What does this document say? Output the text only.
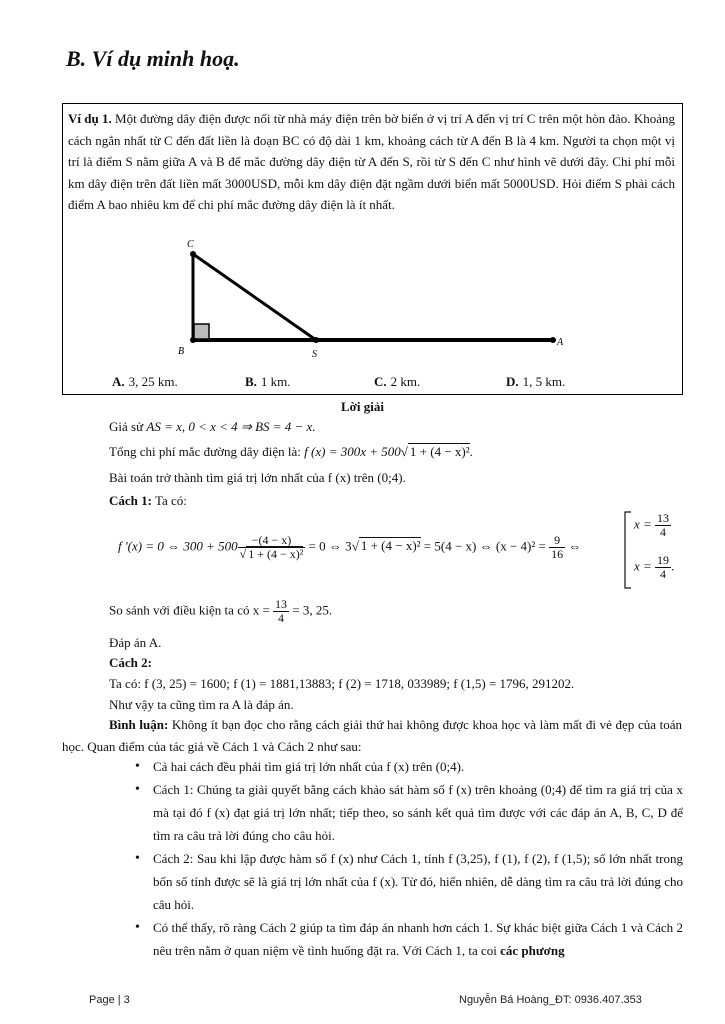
B. Ví dụ minh hoạ.
Ví dụ 1. Một đường dây điện được nối từ nhà máy điện trên bờ biển ở vị trí A đến vị trí C trên một hòn đảo. Khoảng cách ngắn nhất từ C đến đất liền là đoạn BC có độ dài 1 km, khoảng cách từ A đến B là 4 km. Người ta chọn một vị trí là điểm S nằm giữa A và B để mắc đường dây điện từ A đến S, rồi từ S đến C như hình vẽ dưới đây. Chi phí mỗi km dây điện trên đất liền mất 3000USD, mỗi km dây điện đặt ngầm dưới biển mất 5000USD. Hỏi điểm S phải cách điểm A bao nhiêu km để chi phí mắc đường dây điện là ít nhất.
C
B	S
A
A. 3, 25 km.	B. 1 km.	C. 2 km.	D. 1, 5 km.
Lời giải
Giả sử AS = x, 0 < x < 4 ⇒ BS = 4 − x.
Tổng chi phí mắc đường dây điện là: f (x) = 300x + 500√ 1 + (4 − x)².
Bài toán trở thành tìm giá trị lớn nhất của f (x) trên (0;4).
Cách 1: Ta có:
f '(x) = 0 ⇔ $300 + 500 \frac{-(4 - x)}{\text{√ 1 + (4 − x)²}} = 0$ ⇔ 3√ 1 + (4 − x)² = 5(4 − x) ⇔ $(x - 4)^2 = \frac{9}{16}$ ⇔
$x = \frac{13}{4}$
$x = \frac{19}{4}$ .
So sánh với điều kiện ta có $x = \frac{13}{4} = 3$, 25.
Đáp án A.
Cách 2:
Ta có: f (3, 25) = 1600; f (1) = 1881,13883; f (2) = 1718, 033989; f (1,5) = 1796, 291202.
Như vậy ta cũng tìm ra A là đáp án.
Bình luận: Không ít bạn đọc cho rằng cách giải thứ hai không được khoa học và làm mất đi vẻ đẹp của toán học. Quan điểm của tác giả về Cách 1 và Cách 2 như sau:
• Cả hai cách đều phải tìm giá trị lớn nhất của f (x) trên (0;4).
• Cách 1: Chúng ta giải quyết bằng cách khảo sát hàm số f (x) trên khoảng (0;4) để tìm ra giá trị của x mà tại đó f (x) đạt giá trị lớn nhất; tiếp theo, so sánh kết quả tìm được với các đáp án A, B, C, D để tìm ra câu trả lời đúng cho câu hỏi.
• Cách 2: Sau khi lập được hàm số f (x) như Cách 1, tính f (3,25), f (1), f (2), f (1,5); số lớn nhất trong bốn số tính được sẽ là giá trị lớn nhất của f (x). Từ đó, hiển nhiên, dễ dàng tìm ra câu trả lời đúng cho câu hỏi.
• Có thể thấy, rõ ràng Cách 2 giúp ta tìm đáp án nhanh hơn cách 1. Sự khác biệt giữa Cách 1 và Cách 2 nêu trên nằm ở quan niệm về tình huống đặt ra. Với Cách 1, ta coi các phương
Page | 3	Nguyễn Bá Hoàng_ĐT: 0936.407.353
